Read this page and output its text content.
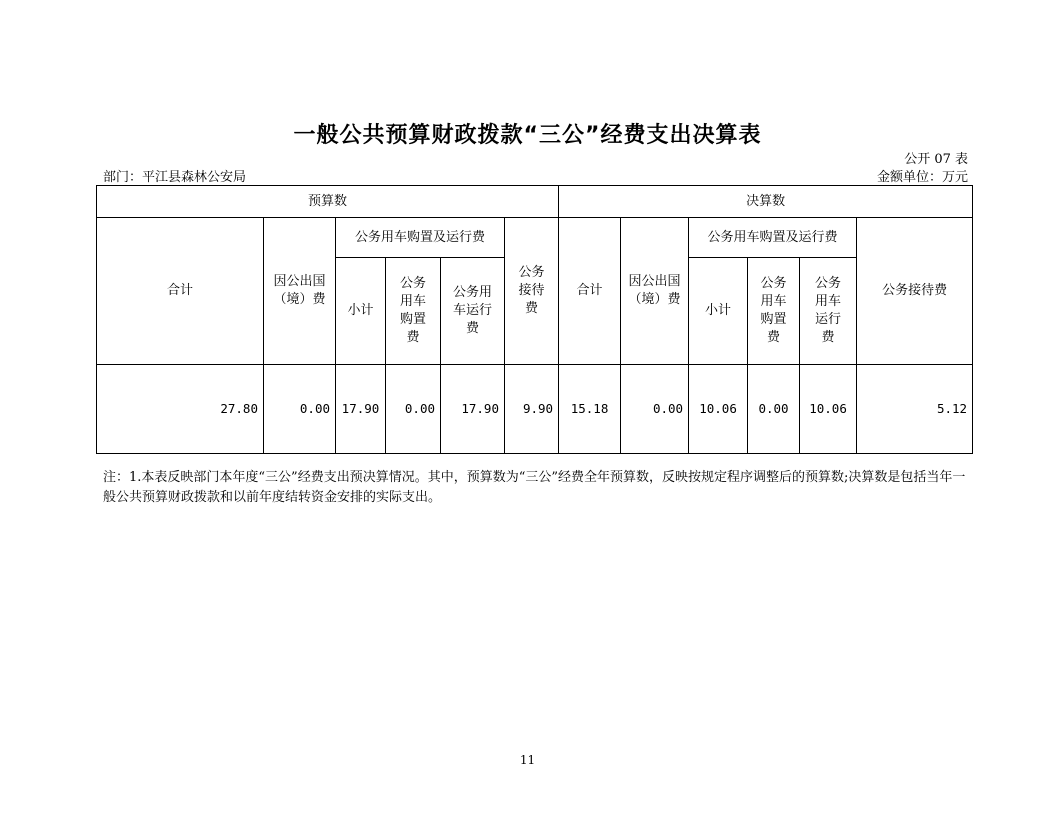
一般公共预算财政拨款“三公”经费支出决算表
公开 07 表
部门：平江县森林公安局	金额单位：万元
预算数						决算数					
合计	因公出国（境）费	公务用车购置及运行费			公务接待费	合计	因公出国（境）费	公务用车购置及运行费			公务接待费
		小计	公务用车购置费	公务用车运行费				小计	公务用车购置费	公务用车运行费	
27.80	0.00	17.90	0.00	17.90	9.90	15.18	0.00	10.06	0.00	10.06	5.12
注：1.本表反映部门本年度“三公”经费支出预决算情况。其中，预算数为“三公”经费全年预算数，反映按规定程序调整后的预算数;决算数是包括当年一般公共预算财政拨款和以前年度结转资金安排的实际支出。
11
